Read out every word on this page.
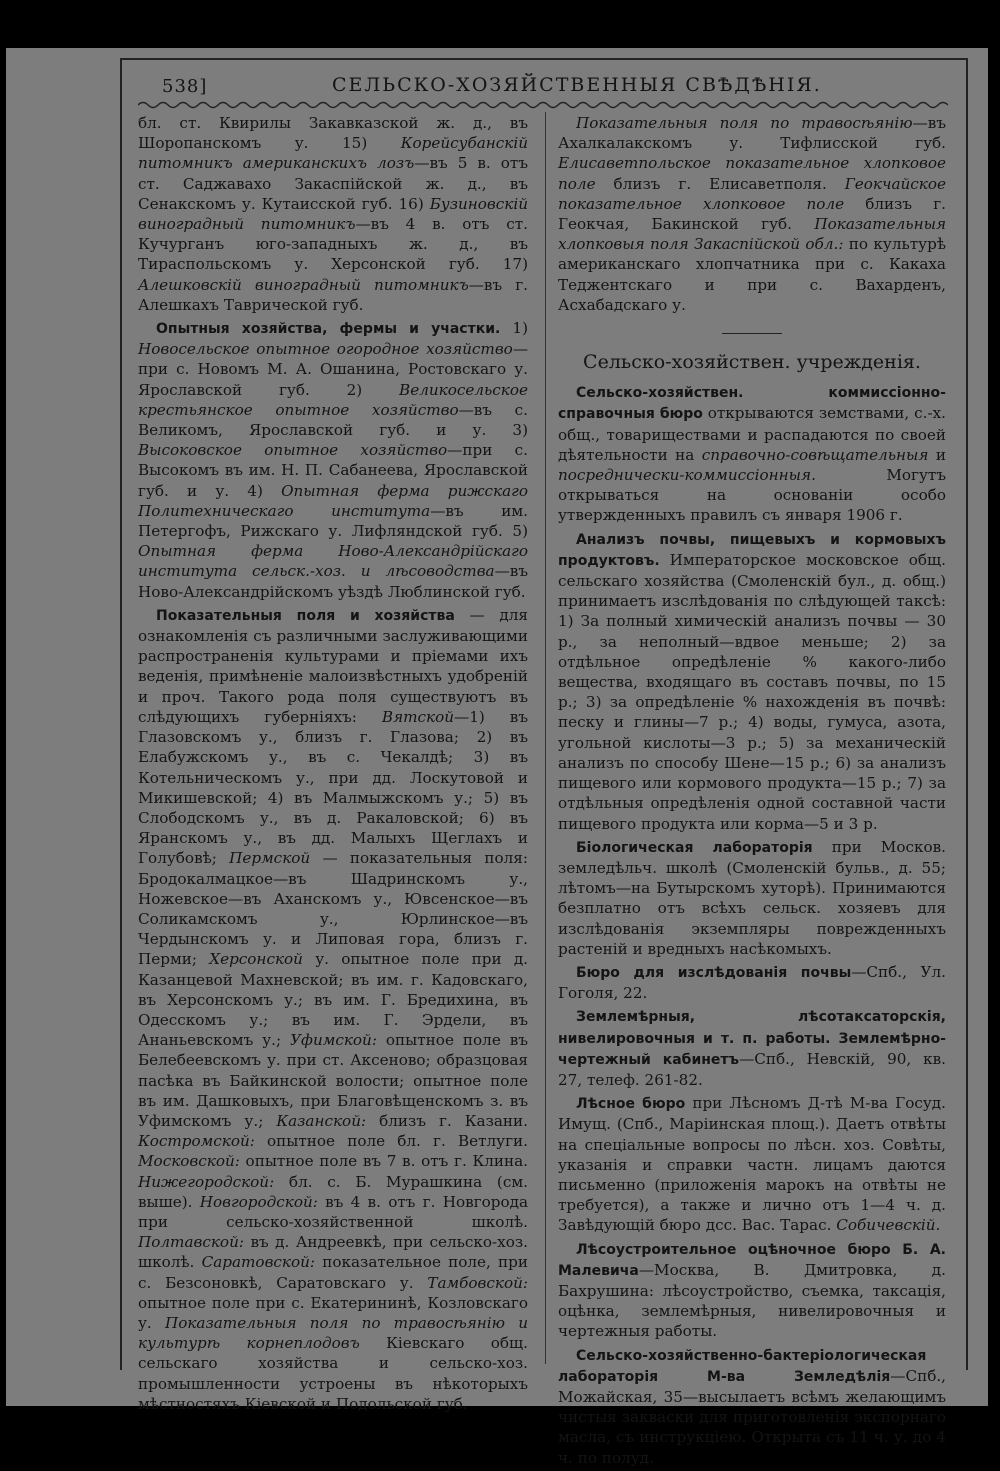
538]	СЕЛЬСКО-ХОЗЯЙСТВЕННЫЯ СВѢДѢНІЯ.

бл. ст. Квирилы Закавказской ж. д., въ Шоропанскомъ у. 15) Корейсубанскій питомникъ американскихъ лозъ—въ 5 в. отъ ст. Саджавахо Закаспійской ж. д., въ Сенакскомъ у. Кутаисской губ. 16) Бузиновскій виноградный питомникъ—въ 4 в. отъ ст. Кучурганъ юго-западныхъ ж. д., въ Тираспольскомъ у. Херсонской губ. 17) Алешковскій виноградный питомникъ—въ г. Алешкахъ Таврической губ.

Опытныя хозяйства, фермы и участки. 1) Новосельское опытное огородное хозяйство—при с. Новомъ М. А. Ошанина, Ростовскаго у. Ярославской губ. 2) Великосельское крестьянское опытное хозяйство—въ с. Великомъ, Ярославской губ. и у. 3) Высоковское опытное хозяйство—при с. Высокомъ въ им. Н. П. Сабанеева, Ярославской губ. и у. 4) Опытная ферма рижскаго Политехническаго института—въ им. Петергофъ, Рижскаго у. Лифляндской губ. 5) Опытная ферма Ново-Александрійскаго института сельск.-хоз. и лѣсоводства—въ Ново-Александрійскомъ уѣздѣ Люблинской губ.

Показательныя поля и хозяйства — для ознакомленія съ различными заслуживающими распространенія культурами и пріемами ихъ веденія, примѣненіе малоизвѣстныхъ удобреній и проч. Такого рода поля существуютъ въ слѣдующихъ губерніяхъ: Вятской—1) въ Глазовскомъ у., близъ г. Глазова; 2) въ Елабужскомъ у., въ с. Чекалдѣ; 3) въ Котельническомъ у., при дд. Лоскутовой и Микишевской; 4) въ Малмыжскомъ у.; 5) въ Слободскомъ у., въ д. Ракаловской; 6) въ Яранскомъ у., въ дд. Малыхъ Щеглахъ и Голубовѣ; Пермской — показательныя поля: Бродокалмацкое—въ Шадринскомъ у., Ножевское—въ Аханскомъ у., Ювсенское—въ Соликамскомъ у., Юрлинское—въ Чердынскомъ у. и Липовая гора, близъ г. Перми; Херсонской у. опытное поле при д. Казанцевой Махневской; въ им. г. Кадовскаго, въ Херсонскомъ у.; въ им. Г. Бредихина, въ Одесскомъ у.; въ им. Г. Эрдели, въ Ананьевскомъ у.; Уфимской: опытное поле въ Белебеевскомъ у. при ст. Аксеново; образцовая пасѣка въ Байкинской волости; опытное поле въ им. Дашковыхъ, при Благовѣщенскомъ з. въ Уфимскомъ у.; Казанской: близъ г. Казани. Костромской: опытное поле бл. г. Ветлуги. Московской: опытное поле въ 7 в. отъ г. Клина. Нижегородской: бл. с. Б. Мурашкина (см. выше). Новгородской: въ 4 в. отъ г. Новгорода при сельско-хозяйственной школѣ. Полтавской: въ д. Андреевкѣ, при сельско-хоз. школѣ. Саратовской: показательное поле, при с. Безсоновкѣ, Саратовскаго у. Тамбовской: опытное поле при с. Екатерининѣ, Козловскаго у. Показательныя поля по травосѣянію и культурѣ корнеплодовъ Кіевскаго общ. сельскаго хозяйства и сельско-хоз. промышленности устроены въ нѣкоторыхъ мѣстностяхъ Кіевской и Подольской губ.

Показательныя поля по травосѣянію—въ Ахалкалакскомъ у. Тифлисской губ. Елисаветпольское показательное хлопковое поле близъ г. Елисаветполя. Геокчайское показательное хлопковое поле близъ г. Геокчая, Бакинской губ. Показательныя хлопковыя поля Закаспійской обл.: по культурѣ американскаго хлопчатника при с. Какаха Теджентскаго и при с. Вахарденъ, Асхабадскаго у.

Сельско-хозяйствен. учрежденія.

Сельско-хозяйствен. коммиссіонно-справочныя бюро открываются земствами, с.-х. общ., товариществами и распадаются по своей дѣятельности на справочно-совѣщательныя и посреднически-коммиссіонныя. Могутъ открываться на основаніи особо утвержденныхъ правилъ съ января 1906 г.

Анализъ почвы, пищевыхъ и кормовыхъ продуктовъ. Императорское московское общ. сельскаго хозяйства (Смоленскій бул., д. общ.) принимаетъ изслѣдованія по слѣдующей таксѣ: 1) За полный химическій анализъ почвы — 30 р., за неполный—вдвое меньше; 2) за отдѣльное опредѣленіе % какого-либо вещества, входящаго въ составъ почвы, по 15 р.; 3) за опредѣленіе % нахожденія въ почвѣ: песку и глины—7 р.; 4) воды, гумуса, азота, угольной кислоты—3 р.; 5) за механическій анализъ по способу Шене—15 р.; 6) за анализъ пищевого или кормового продукта—15 р.; 7) за отдѣльныя опредѣленія одной составной части пищевого продукта или корма—5 и 3 р.

Біологическая лабораторія при Москов. земледѣльч. школѣ (Смоленскій бульв., д. 55; лѣтомъ—на Бутырскомъ хуторѣ). Принимаются безплатно отъ всѣхъ сельск. хозяевъ для изслѣдованія экземпляры поврежденныхъ растеній и вредныхъ насѣкомыхъ.

Бюро для изслѣдованія почвы—Спб., Ул. Гоголя, 22.

Землемѣрныя, лѣсотаксаторскія, нивелировочныя и т. п. работы. Землемѣрно-чертежный кабинетъ—Спб., Невскій, 90, кв. 27, телеф. 261-82.

Лѣсное бюро при Лѣсномъ Д-тѣ М-ва Госуд. Имущ. (Спб., Маріинская площ.). Даетъ отвѣты на спеціальные вопросы по лѣсн. хоз. Совѣты, указанія и справки частн. лицамъ даются письменно (приложенія марокъ на отвѣты не требуется), а также и лично отъ 1—4 ч. д. Завѣдующій бюро дсс. Вас. Тарас. Собичевскій.

Лѣсоустроительное оцѣночное бюро Б. А. Малевича—Москва, В. Дмитровка, д. Бахрушина: лѣсоустройство, съемка, таксація, оцѣнка, землемѣрныя, нивелировочныя и чертежныя работы.

Сельско-хозяйственно-бактеріологическая лабораторія М-ва Земледѣлія—Спб., Можайская, 35—высылаетъ всѣмъ желающимъ чистыя закваски для приготовленія экспорнаго масла, съ инструкціею. Открыта съ 11 ч. у. до 4 ч. по полуд.
